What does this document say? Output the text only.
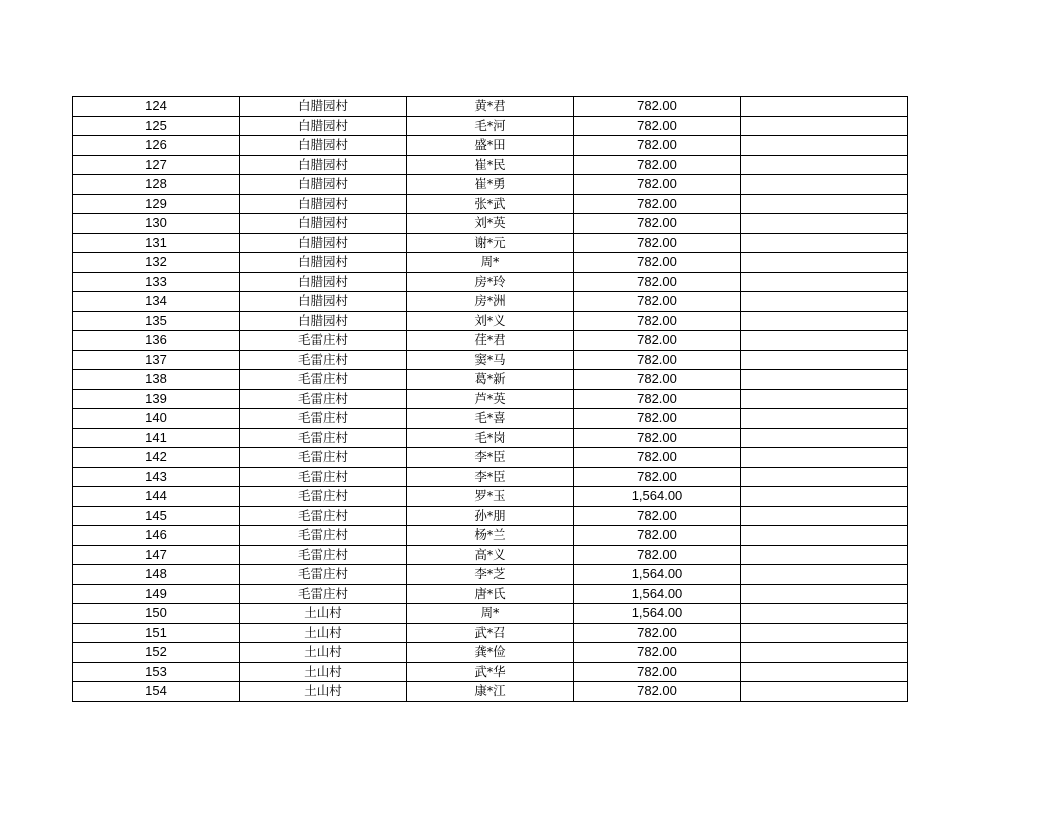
124	白腊园村	黄*君	782.00	
125	白腊园村	毛*河	782.00	
126	白腊园村	盛*田	782.00	
127	白腊园村	崔*民	782.00	
128	白腊园村	崔*勇	782.00	
129	白腊园村	张*武	782.00	
130	白腊园村	刘*英	782.00	
131	白腊园村	谢*元	782.00	
132	白腊园村	周*	782.00	
133	白腊园村	房*玲	782.00	
134	白腊园村	房*洲	782.00	
135	白腊园村	刘*义	782.00	
136	毛雷庄村	荏*君	782.00	
137	毛雷庄村	窦*马	782.00	
138	毛雷庄村	葛*新	782.00	
139	毛雷庄村	芦*英	782.00	
140	毛雷庄村	毛*喜	782.00	
141	毛雷庄村	毛*岗	782.00	
142	毛雷庄村	李*臣	782.00	
143	毛雷庄村	李*臣	782.00	
144	毛雷庄村	罗*玉	1,564.00	
145	毛雷庄村	孙*朋	782.00	
146	毛雷庄村	杨*兰	782.00	
147	毛雷庄村	高*义	782.00	
148	毛雷庄村	李*芝	1,564.00	
149	毛雷庄村	唐*氏	1,564.00	
150	土山村	周*	1,564.00	
151	土山村	武*召	782.00	
152	土山村	龚*俭	782.00	
153	土山村	武*华	782.00	
154	土山村	康*江	782.00	
